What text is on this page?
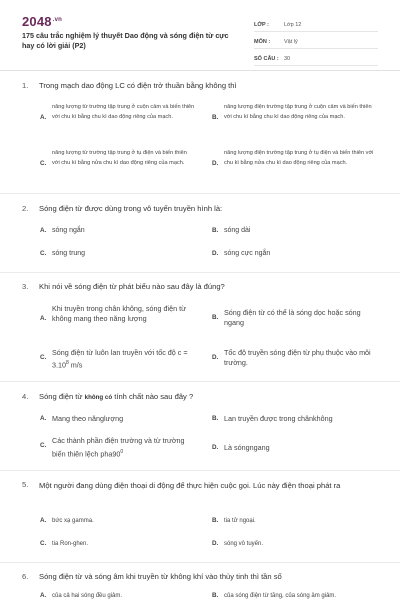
$2048^{.vn}$
175 câu trắc nghiệm lý thuyết Dao động và sóng điện từ cực hay có lời giải (P2)
LỚP :	Lớp 12
MÔN :	Vật lý
SỐ CÂU : 30
1.	Trong mạch dao động LC có điện trở thuần bằng không thì
A.
năng lượng từ trường tập trung ở cuộn cảm và biến thiên với chu kì bằng chu kì dao động riêng của mạch.	B.
năng lượng điện trường tập trung ở cuộn cảm và biến thiên với chu kì bằng chu kì dao động riêng của mạch.
C.
năng lượng từ trường tập trung ở tụ điện và biến thiên với chu kì bằng nửa chu kì dao động riêng của mạch.	D.
năng lượng điện trường tập trung ở tụ điện và biến thiên với chu kì bằng nửa chu kì dao động riêng của mạch.
2.	Sóng điện từ được dùng trong vô tuyến truyền hình là:
A. sóng ngắn	B. sóng dài
C. sóng trung	D. sóng cực ngắn
3.	Khi nói về sóng điện từ phát biểu nào sau đây là đúng?
A.
Khi truyền trong chân không, sóng điện từ không mang theo năng lượng	B.
Sóng điện từ có thể là sóng dọc hoặc sóng ngang
C.
Sóng điện từ luôn lan truyền với tốc độ $c = 3.10^8$ m/s
D.
Tốc độ truyền sóng điện từ phụ thuộc vào môi trường.
4.	Sóng điện từ không có tính chất nào sau đây ?
A. Mang theo nănglượng	B. Lan truyền được trong chânkhông
C.
Các thành phần điện trường và từ trường biến thiên lệch $pha90^0$
D. Là sóngngang
5.	Một người đang dùng điện thoại di động để thực hiện cuộc gọi. Lúc này điện thoại phát ra
A. bức xạ gamma.	B. tia tử ngoại.
C. tia Ron-ghen.	D. sóng vô tuyến.
6.	Sóng điện từ và sóng âm khi truyền từ không khí vào thủy tinh thì tần số
A. của cả hai sóng đều giảm.	B. của sóng điện từ tăng, của sóng âm giảm.
